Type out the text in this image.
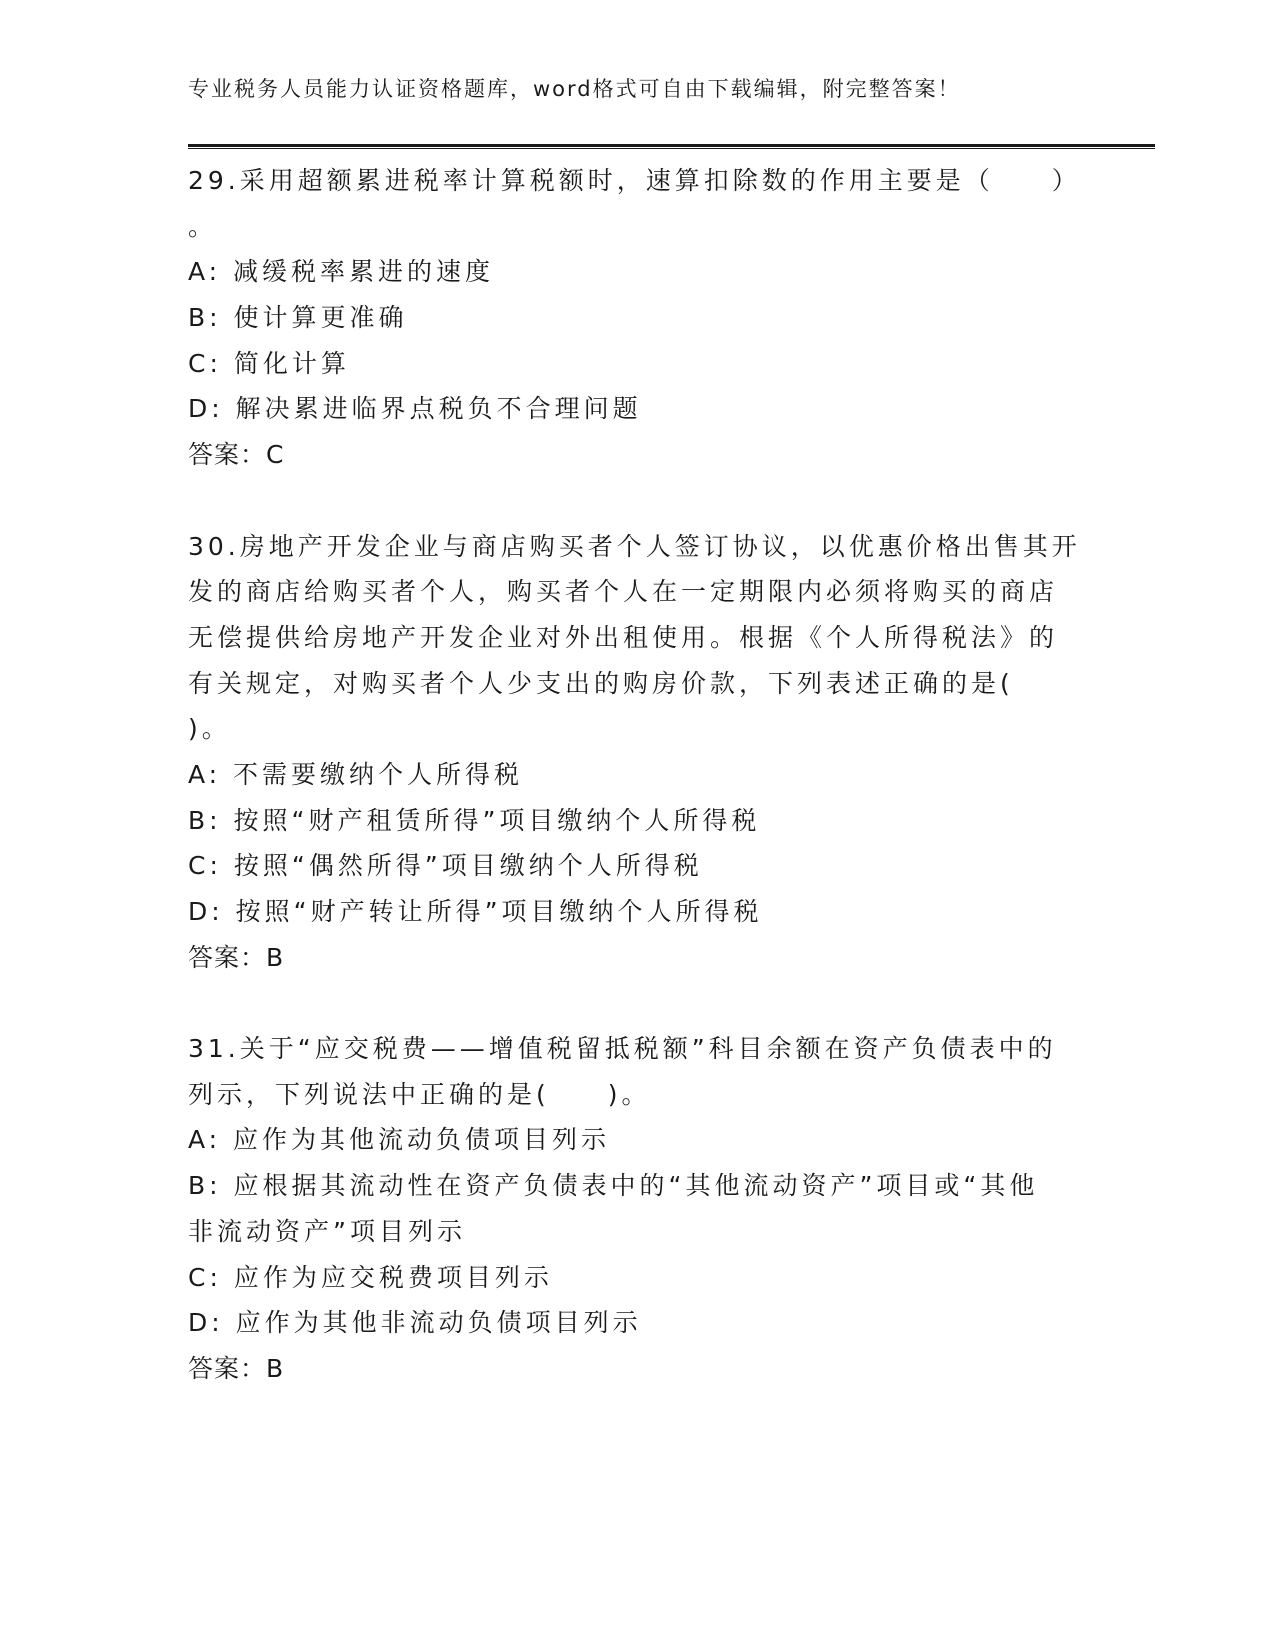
专业税务人员能力认证资格题库，word格式可自由下载编辑，附完整答案！
29.采用超额累进税率计算税额时，速算扣除数的作用主要是（　　）
。
A: 减缓税率累进的速度
B: 使计算更准确
C: 简化计算
D: 解决累进临界点税负不合理问题
答案：C
30.房地产开发企业与商店购买者个人签订协议，以优惠价格出售其开
发的商店给购买者个人，购买者个人在一定期限内必须将购买的商店
无偿提供给房地产开发企业对外出租使用。根据《个人所得税法》的
有关规定，对购买者个人少支出的购房价款，下列表述正确的是(
)。
A: 不需要缴纳个人所得税
B: 按照“财产租赁所得”项目缴纳个人所得税
C: 按照“偶然所得”项目缴纳个人所得税
D: 按照“财产转让所得”项目缴纳个人所得税
答案：B
31.关于“应交税费——增值税留抵税额”科目余额在资产负债表中的
列示，下列说法中正确的是(　　)。
A: 应作为其他流动负债项目列示
B: 应根据其流动性在资产负债表中的“其他流动资产”项目或“其他
非流动资产”项目列示
C: 应作为应交税费项目列示
D: 应作为其他非流动负债项目列示
答案：B
